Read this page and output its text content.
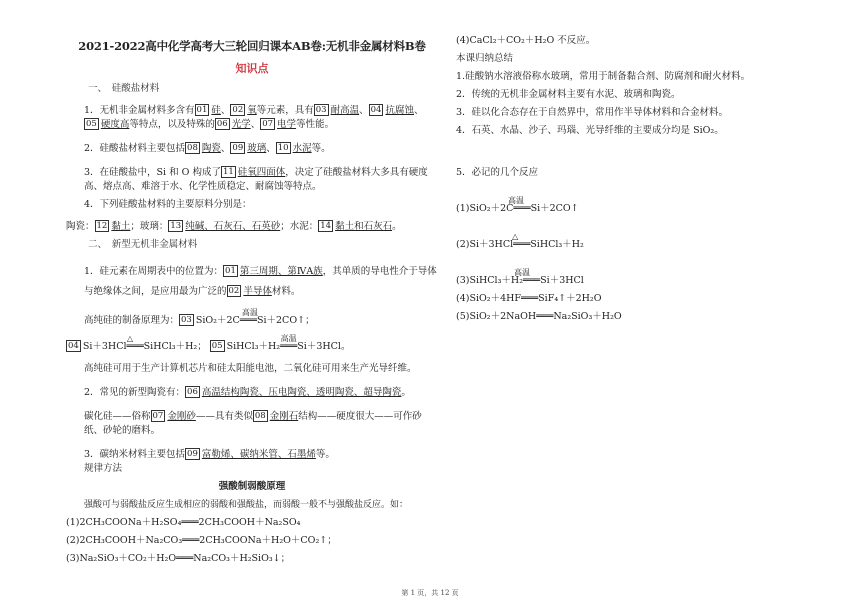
2021-2022高中化学高考大三轮回归课本AB卷:无机非金属材料B卷
知识点

一、　硅酸盐材料

1．无机非金属材料多含有 01 硅、 02 氧等元素，具有 03 耐高温、 04 抗腐蚀、05 硬度高等特点，以及特殊的 06 光学、 07 电学等性能。

2．硅酸盐材料主要包括 08 陶瓷、 09 玻璃、 10 水泥等。

3．在硅酸盐中，Si 和 O 构成了 11 硅氧四面体，决定了硅酸盐材料大多具有硬度高、熔点高、难溶于水、化学性质稳定、耐腐蚀等特点。

4．下列硅酸盐材料的主要原料分别是：

陶瓷： 12 黏土；玻璃： 13 纯碱、石灰石、石英砂；水泥： 14 黏土和石灰石。

二、　新型无机非金属材料

1．硅元素在周期表中的位置为： 01 第三周期、第ⅣA族，其单质的导电性介于导体与绝缘体之间，是应用最为广泛的 02 半导体材料。

高纯硅的制备原理为： 03
高温
SiO₂＋2C═══Si＋2CO↑；

04
△
Si＋3HCl═══SiHCl₃＋H₂； 05
高温
SiHCl₃＋H₂═══Si＋3HCl。

高纯硅可用于生产计算机芯片和硅太阳能电池，二氧化硅可用来生产光导纤维。

2．常见的新型陶瓷有： 06 高温结构陶瓷、压电陶瓷、透明陶瓷、超导陶瓷。

碳化硅——俗称 07 金刚砂——具有类似 08 金刚石结构——硬度很大——可作砂纸、砂轮的磨料。

3．碳纳米材料主要包括 09 富勒烯、碳纳米管、石墨烯等。

规律方法

强酸制弱酸原理

强酸可与弱酸盐反应生成相应的弱酸和强酸盐，而弱酸一般不与强酸盐反应。如：

(1)2CH₃COONa＋H₂SO₄═══2CH₃COOH＋Na₂SO₄

(2)2CH₃COOH＋Na₂CO₃═══2CH₃COONa＋H₂O＋CO₂↑；

(3)Na₂SiO₃＋CO₂＋H₂O═══Na₂CO₃＋H₂SiO₃↓；

(4)CaCl₂＋CO₂＋H₂O 不反应。

本课归纳总结

1.硅酸钠水溶液俗称水玻璃，常用于制备黏合剂、防腐剂和耐火材料。

2．传统的无机非金属材料主要有水泥、玻璃和陶瓷。

3．硅以化合态存在于自然界中，常用作半导体材料和合金材料。

4．石英、水晶、沙子、玛瑙、光导纤维的主要成分均是 SiO₂。

5．必记的几个反应

高温
(1)SiO₂＋2C═══Si＋2CO↑

△
(2)Si＋3HCl═══SiHCl₃＋H₂

高温
(3)SiHCl₃＋H₂═══Si＋3HCl

(4)SiO₂＋4HF═══SiF₄↑＋2H₂O

(5)SiO₂＋2NaOH═══Na₂SiO₃＋H₂O

第 1 页，共 12 页
